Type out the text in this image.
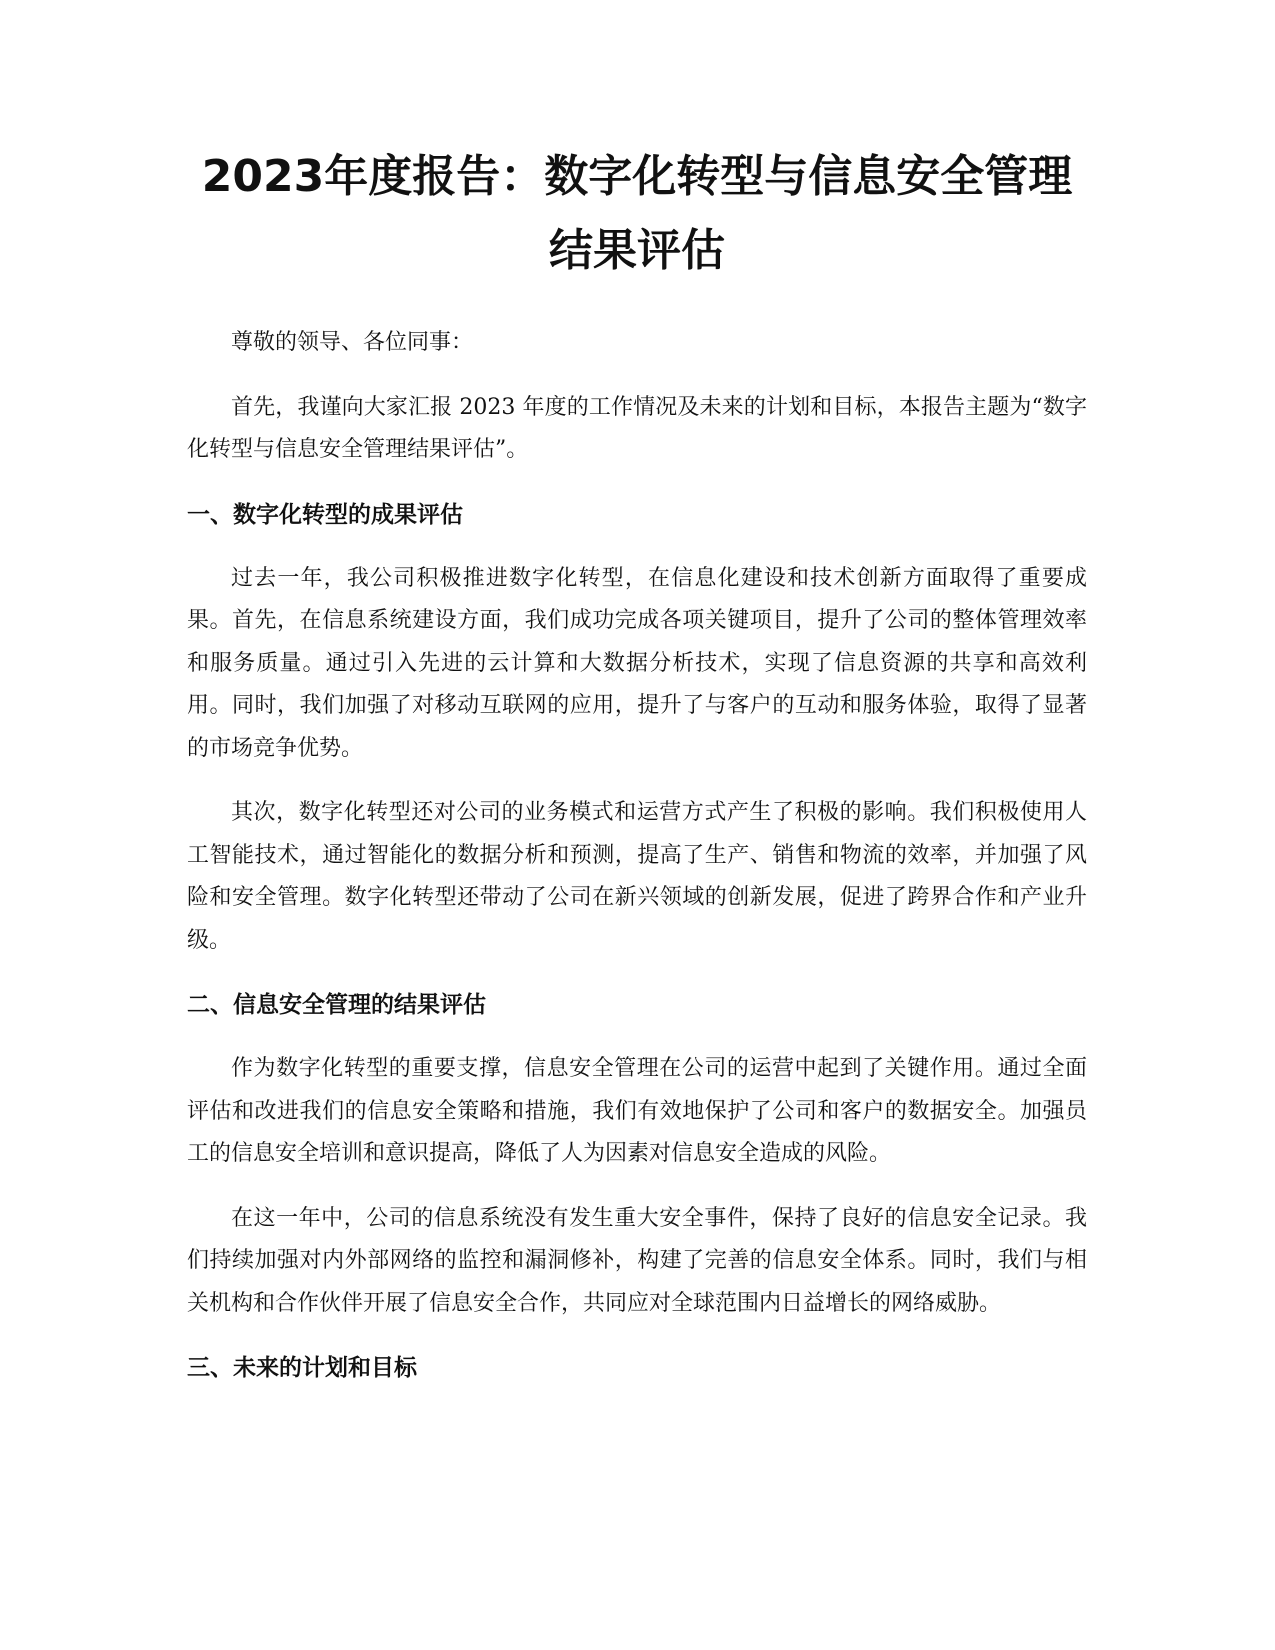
2023年度报告：数字化转型与信息安全管理
结果评估

尊敬的领导、各位同事：

首先，我谨向大家汇报 2023 年度的工作情况及未来的计划和目标，本报告主题为“数字化转型与信息安全管理结果评估”。

一、数字化转型的成果评估

过去一年，我公司积极推进数字化转型，在信息化建设和技术创新方面取得了重要成果。首先，在信息系统建设方面，我们成功完成各项关键项目，提升了公司的整体管理效率和服务质量。通过引入先进的云计算和大数据分析技术，实现了信息资源的共享和高效利用。同时，我们加强了对移动互联网的应用，提升了与客户的互动和服务体验，取得了显著的市场竞争优势。

其次，数字化转型还对公司的业务模式和运营方式产生了积极的影响。我们积极使用人工智能技术，通过智能化的数据分析和预测，提高了生产、销售和物流的效率，并加强了风险和安全管理。数字化转型还带动了公司在新兴领域的创新发展，促进了跨界合作和产业升级。

二、信息安全管理的结果评估

作为数字化转型的重要支撑，信息安全管理在公司的运营中起到了关键作用。通过全面评估和改进我们的信息安全策略和措施，我们有效地保护了公司和客户的数据安全。加强员工的信息安全培训和意识提高，降低了人为因素对信息安全造成的风险。

在这一年中，公司的信息系统没有发生重大安全事件，保持了良好的信息安全记录。我们持续加强对内外部网络的监控和漏洞修补，构建了完善的信息安全体系。同时，我们与相关机构和合作伙伴开展了信息安全合作，共同应对全球范围内日益增长的网络威胁。

三、未来的计划和目标
